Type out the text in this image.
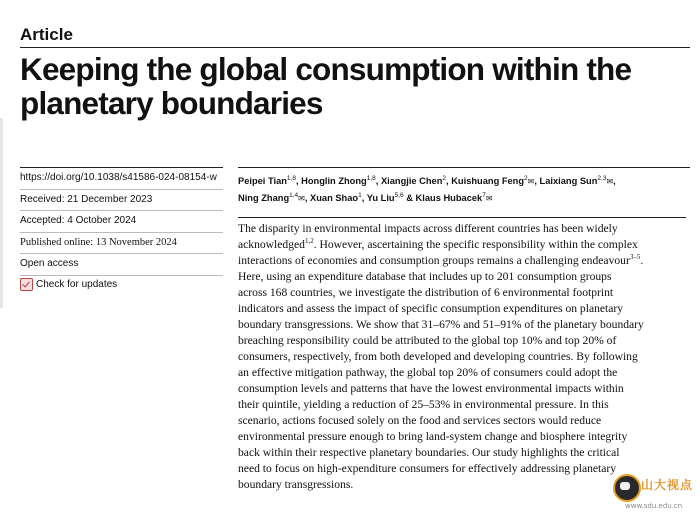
Article
Keeping the global consumption within the
planetary boundaries
https://doi.org/10.1038/s41586-024-08154-w
Received: 21 December 2023
Accepted: 4 October 2024
Published online: 13 November 2024
Open access
Check for updates
Peipei Tian$^{1,8}$, Honglin Zhong$^{1,8}$, Xiangjie Chen$^2$, Kuishuang Feng$^2$✉, Laixiang Sun$^{2,3}$✉,
Ning Zhang$^{1,4}$✉, Xuan Shao$^1$, Yu Liu$^{5,6}$ & Klaus Hubacek$^7$✉
The disparity in environmental impacts across different countries has been widely
acknowledged$^{1,2}$. However, ascertaining the specific responsibility within the complex
interactions of economies and consumption groups remains a challenging endeavour$^{3-5}$.
Here, using an expenditure database that includes up to 201 consumption groups
across 168 countries, we investigate the distribution of 6 environmental footprint
indicators and assess the impact of specific consumption expenditures on planetary
boundary transgressions. We show that 31–67% and 51–91% of the planetary boundary
breaching responsibility could be attributed to the global top 10% and top 20% of
consumers, respectively, from both developed and developing countries. By following
an effective mitigation pathway, the global top 20% of consumers could adopt the
consumption levels and patterns that have the lowest environmental impacts within
their quintile, yielding a reduction of 25–53% in environmental pressure. In this
scenario, actions focused solely on the food and services sectors would reduce
environmental pressure enough to bring land-system change and biosphere integrity
back within their respective planetary boundaries. Our study highlights the critical
need to focus on high-expenditure consumers for effectively addressing planetary
boundary transgressions.	山大视点
www.sdu.edu.cn
